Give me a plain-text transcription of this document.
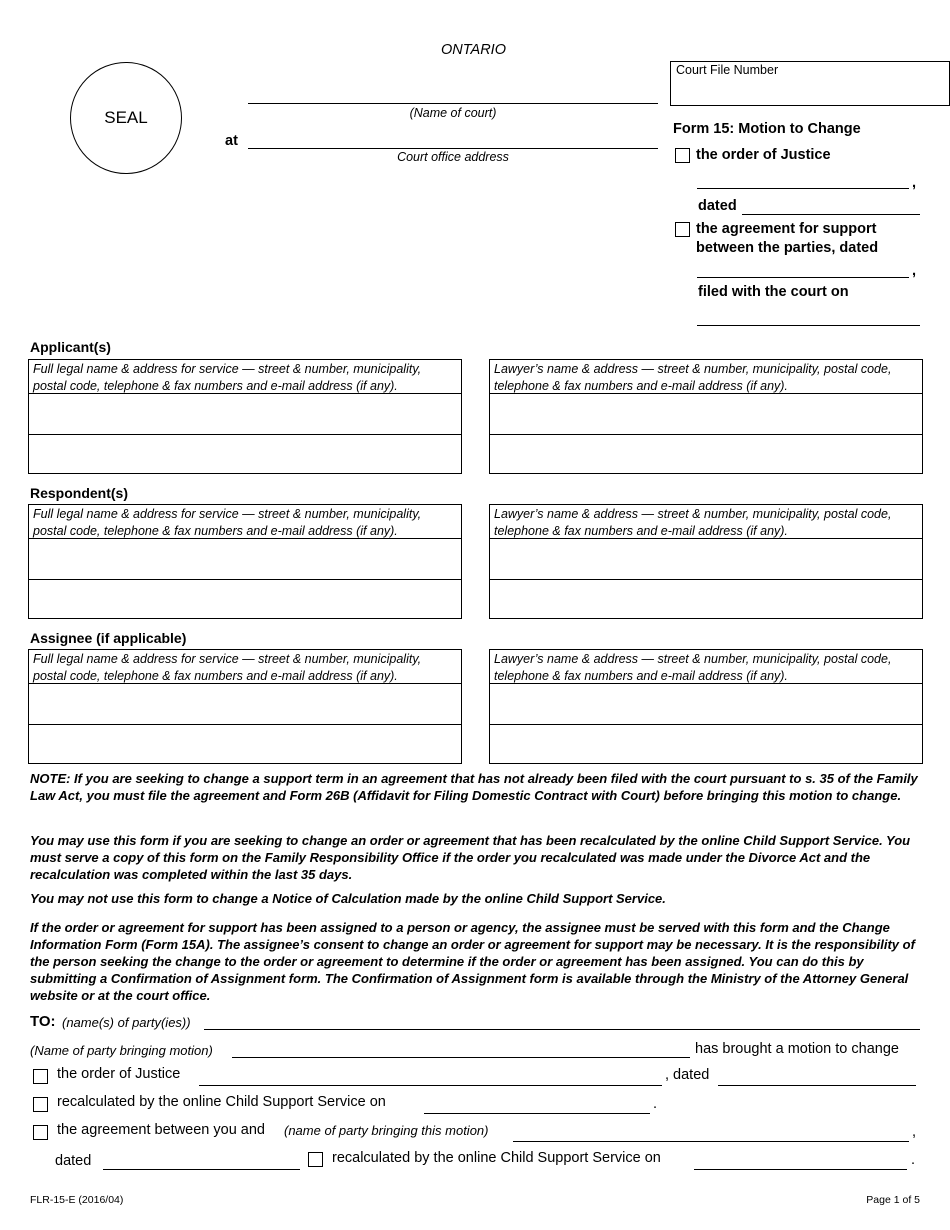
ONTARIO
SEAL	(Name of court)
at
Court office address
Court File Number
Form 15: Motion to Change
the order of Justice
,
dated
the agreement for support
between the parties, dated
,
filed with the court on
Applicant(s)
Full legal name & address for service — street & number, municipality, postal code, telephone & fax numbers and e-mail address (if any).
Lawyer’s name & address — street & number, municipality, postal code, telephone & fax numbers and e-mail address (if any).
Respondent(s)
Full legal name & address for service — street & number, municipality, postal code, telephone & fax numbers and e-mail address (if any).
Lawyer’s name & address — street & number, municipality, postal code, telephone & fax numbers and e-mail address (if any).
Assignee (if applicable)
Full legal name & address for service — street & number, municipality, postal code, telephone & fax numbers and e-mail address (if any).
Lawyer’s name & address — street & number, municipality, postal code, telephone & fax numbers and e-mail address (if any).
NOTE: If you are seeking to change a support term in an agreement that has not already been filed with the court pursuant to s. 35 of the Family Law Act, you must file the agreement and Form 26B (Affidavit for Filing Domestic Contract with Court) before bringing this motion to change.
You may use this form if you are seeking to change an order or agreement that has been recalculated by the online Child Support Service. You must serve a copy of this form on the Family Responsibility Office if the order you recalculated was made under the Divorce Act and the recalculation was completed within the last 35 days.
You may not use this form to change a Notice of Calculation made by the online Child Support Service.
If the order or agreement for support has been assigned to a person or agency, the assignee must be served with this form and the Change Information Form (Form 15A). The assignee’s consent to change an order or agreement for support may be necessary. It is the responsibility of the person seeking the change to the order or agreement to determine if the order or agreement has been assigned. You can do this by submitting a Confirmation of Assignment form. The Confirmation of Assignment form is available through the Ministry of the Attorney General website or at the court office.
TO: (name(s) of party(ies))
(Name of party bringing motion)	has brought a motion to change
the order of Justice	, dated
recalculated by the online Child Support Service on	.
the agreement between you and (name of party bringing this motion)	,
dated	recalculated by the online Child Support Service on	.
FLR-15-E (2016/04)	Page 1 of 5
